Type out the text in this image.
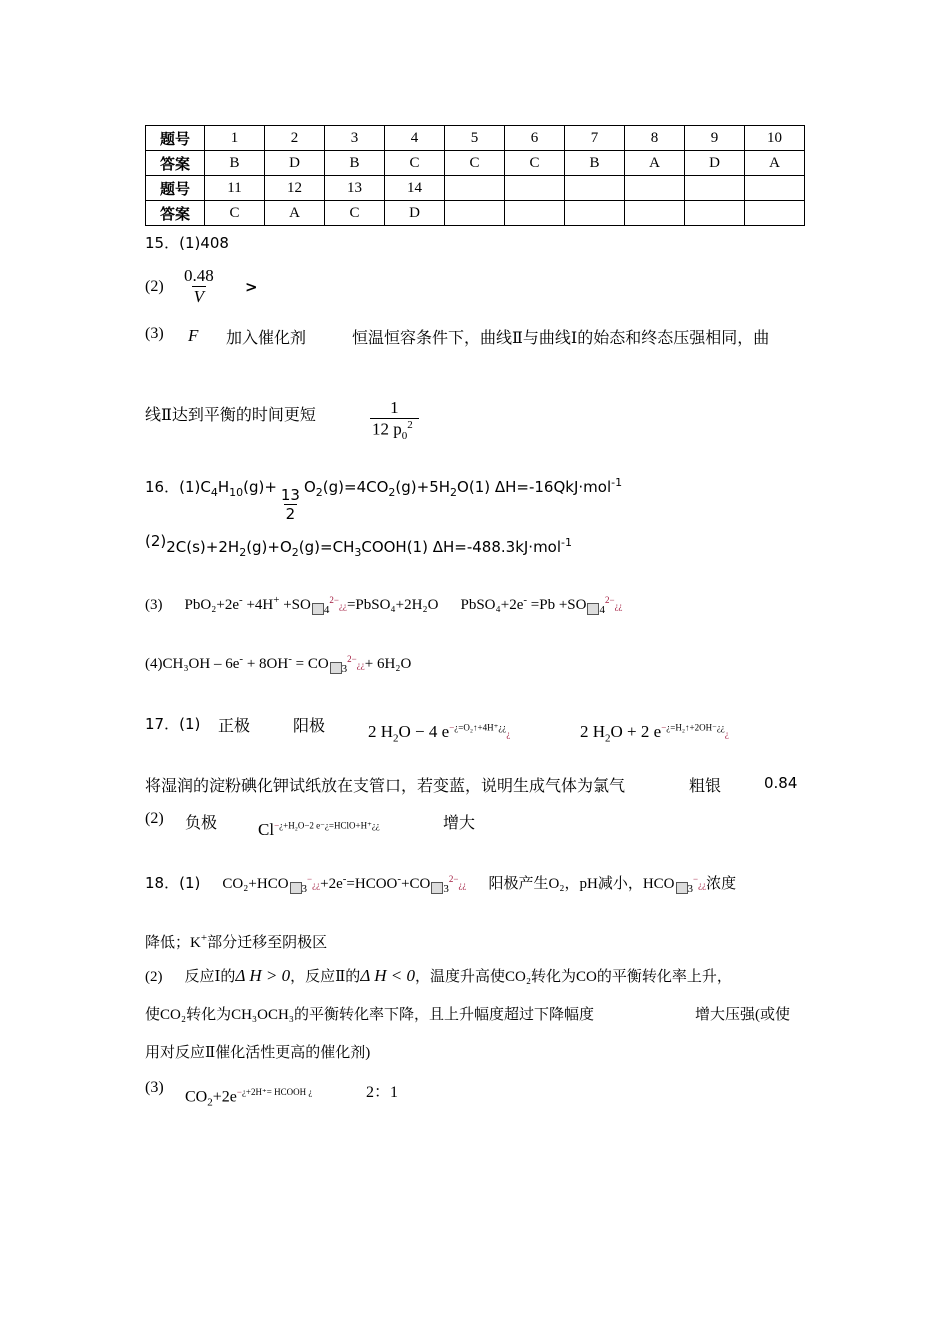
题号	1	2	3	4	5	6	7	8	9	10
答案	B	D	B	C	C	C	B	A	D	A
题号	11	12	13	14						
答案	C	A	C	D						
15．(1)408
$(2) \frac{0.48}{V}$ >
(3) F 加入催化剂	恒温恒容条件下，曲线Ⅱ与曲线Ⅰ的始态和终态压强相同，曲
线Ⅱ达到平衡的时间更短	$\frac{1}{12 p_0^2}$
16．$(1)C_4H_{10}(g)+ \frac{13}{2} O_2(g)=4CO_2(g)+5H_2O(1)$ ΔH=-16QkJ·mol$^{-1}$
$(2)2C(s)+2H_2(g)+O_2(g)=CH_3COOH(1)$ ΔH=-488.3kJ·mol$^{-1}$
(3) PbO₂+2e- +4H+ +SO $_4^{2-}$¿¿=PbSO₄+2H₂O PbSO₄+2e- =Pb +SO $_4^{2-}$¿¿
(4)CH₃OH – 6e- + 8OH- = CO $_3^{2-}$¿¿+ 6H₂O
17．(1) 正极	阳极	2 $H_2O - 4$ $e^{-¿=O_2↑+4H^+¿¿}¿$	2 $H_2O + 2$ $e^{-¿=H_2↑+2OH^-¿¿}¿$
将湿润的淀粉碘化钾试纸放在支管口，若变蓝，说明生成气体为氯气	粗银	0.84
(2) 负极 $Cl^{-¿+H_2O-2 e^-¿=HClO+H^+¿¿}$	增大
18．(1) CO₂+HCO $_3$−¿¿+2e-=HCOO-+CO $_3^{2-}$¿¿ 阳极产生O₂，pH减小，HCO $_3$−¿¿浓度
降低；K+部分迁移至阴极区
(2) 反应Ⅰ的Δ H > 0，反应Ⅱ的Δ H < 0，温度升高使CO₂转化为CO的平衡转化率上升，
使CO₂转化为CH₃OCH₃的平衡转化率下降，且上升幅度超过下降幅度	增大压强(或使
用对反应Ⅱ催化活性更高的催化剂)
(3)
$CO_2+2e^{-¿+2H^+= HCOOH ¿}$	2：1
